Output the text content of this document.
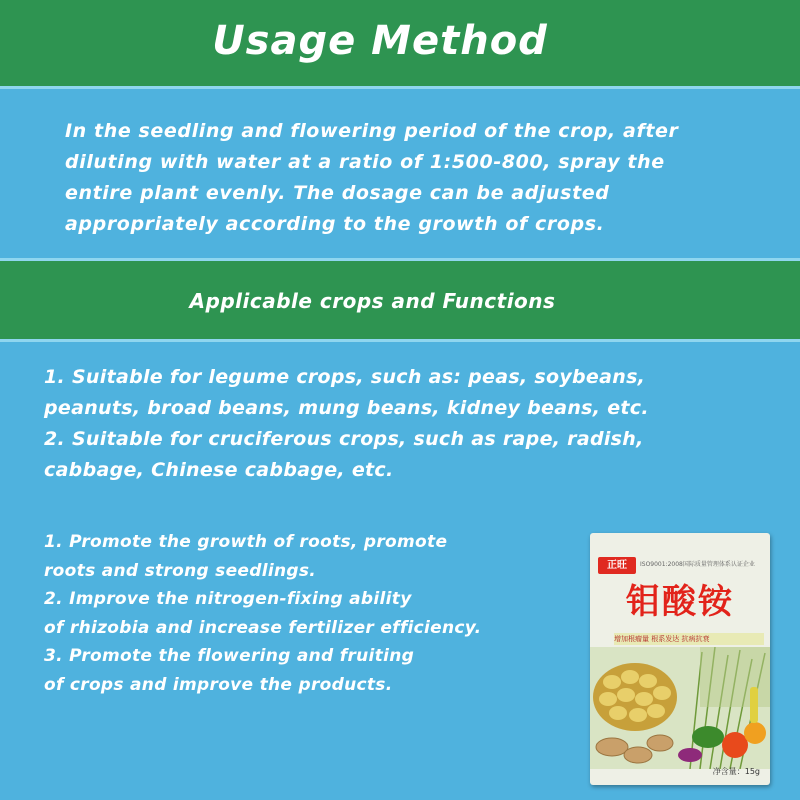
Usage Method
In the seedling and flowering period of the crop, after
diluting with water at a ratio of 1:500-800, spray the
entire plant evenly. The dosage can be adjusted
appropriately according to the growth of crops.
Applicable crops and Functions
1. Suitable for legume crops, such as: peas, soybeans,
peanuts, broad beans, mung beans, kidney beans, etc.
2. Suitable for cruciferous crops, such as rape, radish,
cabbage, Chinese cabbage, etc.
1. Promote the growth of roots, promote
roots and strong seedlings.
2. Improve the nitrogen-fixing ability
of rhizobia and increase fertilizer efficiency.
3. Promote the flowering and fruiting
of crops and improve the products.
正旺	ISO9001:2008国际质量管理体系认证企业
钼酸铵
增加根瘤量 根系发达 抗病抗衰
净含量：15g
